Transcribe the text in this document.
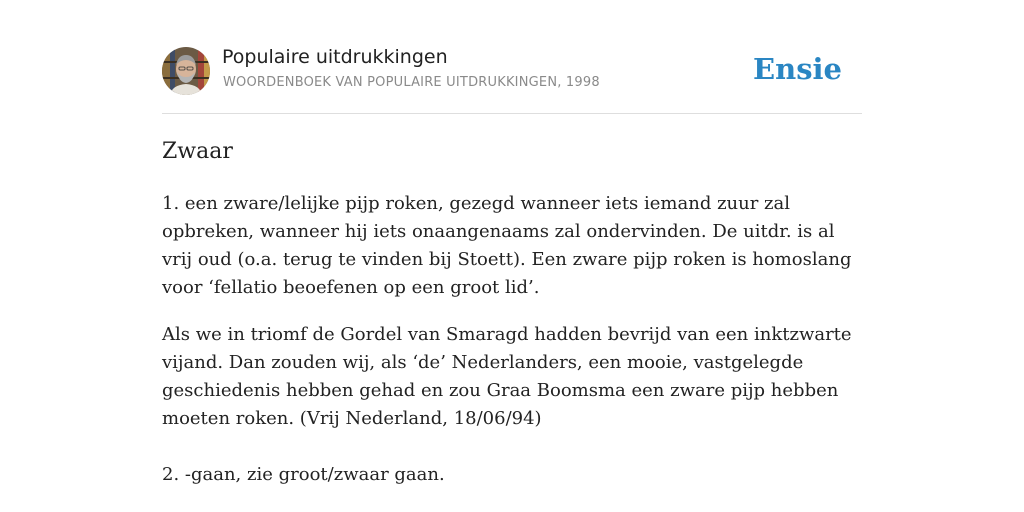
Populaire uitdrukkingen
WOORDENBOEK VAN POPULAIRE UITDRUKKINGEN, 1998	Ensie
Zwaar

1. een zware/lelijke pijp roken, gezegd wanneer iets iemand zuur zal opbreken, wanneer hij iets onaangenaams zal ondervinden. De uitdr. is al vrij oud (o.a. terug te vinden bij Stoett). Een zware pijp roken is homoslang voor ‘fellatio beoefenen op een groot lid’.

Als we in triomf de Gordel van Smaragd hadden bevrijd van een inktzwarte vijand. Dan zouden wij, als ‘de’ Nederlanders, een mooie, vastgelegde geschiedenis hebben gehad en zou Graa Boomsma een zware pijp hebben moeten roken. (Vrij Nederland, 18/06/94)

2. -gaan, zie groot/zwaar gaan.
